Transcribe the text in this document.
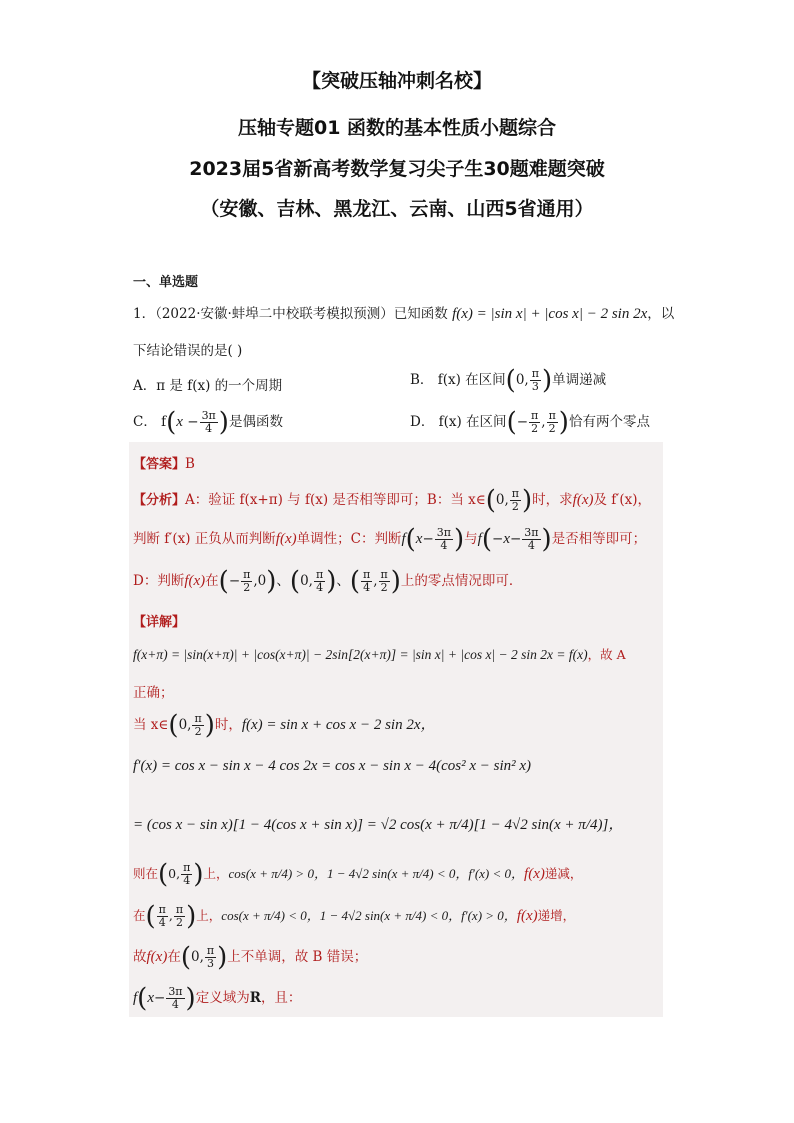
【突破压轴冲刺名校】
压轴专题01 函数的基本性质小题综合
2023届5省新高考数学复习尖子生30题难题突破
（安徽、吉林、黑龙江、云南、山西5省通用）
一、单选题
1．（2022·安徽·蚌埠二中校联考模拟预测）已知函数 f(x) = |sin x| + |cos x| − 2 sin 2x，以
下结论错误的是( )
A．π 是 f(x) 的一个周期	B． f(x) 在区间(0, $\frac{\pi}{3}$ )单调递减
C． $f(x - \frac{3\pi}{4}$ )是偶函数	D． f(x) 在区间(− $\frac{\pi}{2}$ , $\frac{\pi}{2}$ )恰有两个零点
【答案】B
【分析】A：验证 f(x+π) 与 f(x) 是否相等即可；B：当 x∈(0, $\frac{\pi}{2}$ )时，求f(x)及 f′(x)，
判断 f′(x) 正负从而判断f(x)单调性；C：判断$f(x- \frac{3\pi}{4}$ )与$f(-x- \frac{3\pi}{4}$ )是否相等即可；
D：判断f(x)在(− $\frac{\pi}{2} ,0$)、(0, $\frac{\pi}{4}$ )、( $\frac{\pi}{4}$ , $\frac{\pi}{2}$ )上的零点情况即可．
【详解】
f(x+π) = |sin(x+π)| + |cos(x+π)| − 2sin[2(x+π)] = |sin x| + |cos x| − 2 sin 2x = f(x)，故 A
正确；
当 x∈(0, $\frac{\pi}{2}$ )时，f(x) = sin x + cos x − 2 sin 2x，
f′(x) = cos x − sin x − 4 cos 2x = cos x − sin x − 4(cos² x − sin² x)
= (cos x − sin x)[1 − 4(cos x + sin x)] = √2 cos(x + π/4)[1 − 4√2 sin(x + π/4)]，
则在(0, $\frac{\pi}{4}$ )上，cos(x + π/4) > 0，1 − 4√2 sin(x + π/4) < 0，f′(x) < 0，f(x)递减，
在( $\frac{\pi}{4}$ , $\frac{\pi}{2}$ )上，cos(x + π/4) < 0，1 − 4√2 sin(x + π/4) < 0，f′(x) > 0，f(x)递增，
故f(x)在(0, $\frac{\pi}{3}$ )上不单调，故 B 错误；
$f(x- \frac{3\pi}{4}$ )定义域为R，且：
